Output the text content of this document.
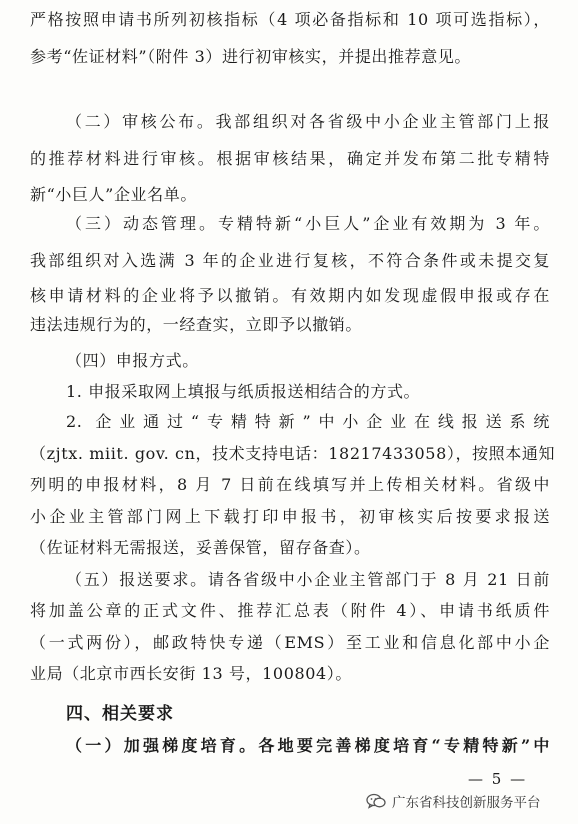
严格按照申请书所列初核指标（4 项必备指标和 10 项可选指标），
参考“佐证材料”（附件 3）进行初审核实，并提出推荐意见。
（二）审核公布。我部组织对各省级中小企业主管部门上报
的推荐材料进行审核。根据审核结果，确定并发布第二批专精特
新“小巨人”企业名单。
（三）动态管理。专精特新“小巨人”企业有效期为 3 年。
我部组织对入选满 3 年的企业进行复核，不符合条件或未提交复
核申请材料的企业将予以撤销。有效期内如发现虚假申报或存在
违法违规行为的，一经查实，立即予以撤销。
（四）申报方式。
1. 申报采取网上填报与纸质报送相结合的方式。
2. 企业通过“专精特新”中小企业在线报送系统
（zjtx. miit. gov. cn，技术支持电话：18217433058），按照本通知
列明的申报材料，8 月 7 日前在线填写并上传相关材料。省级中
小企业主管部门网上下载打印申报书，初审核实后按要求报送
（佐证材料无需报送，妥善保管，留存备查）。
（五）报送要求。请各省级中小企业主管部门于 8 月 21 日前
将加盖公章的正式文件、推荐汇总表（附件 4）、申请书纸质件
（一式两份），邮政特快专递（EMS）至工业和信息化部中小企
业局（北京市西长安街 13 号，100804）。
四、相关要求
（一）加强梯度培育。各地要完善梯度培育“专精特新”中
— 5 —
广东省科技创新服务平台
